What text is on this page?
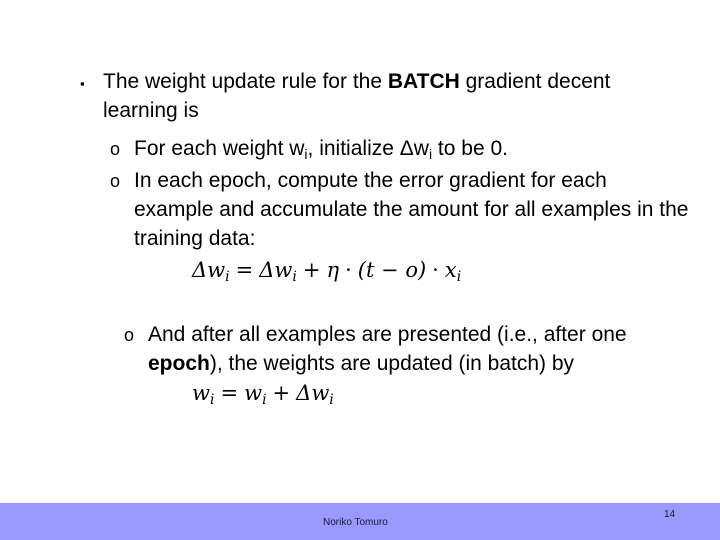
▪ The weight update rule for the BATCH gradient decent learning is
o For each weight wi, initialize Δwi to be 0.
o In each epoch, compute the error gradient for each example and accumulate the amount for all examples in the training data:
Δwi = Δwi + η · (t − o) · xi
o And after all examples are presented (i.e., after one epoch), the weights are updated (in batch) by
wi = wi + Δwi
Noriko Tomuro
14
